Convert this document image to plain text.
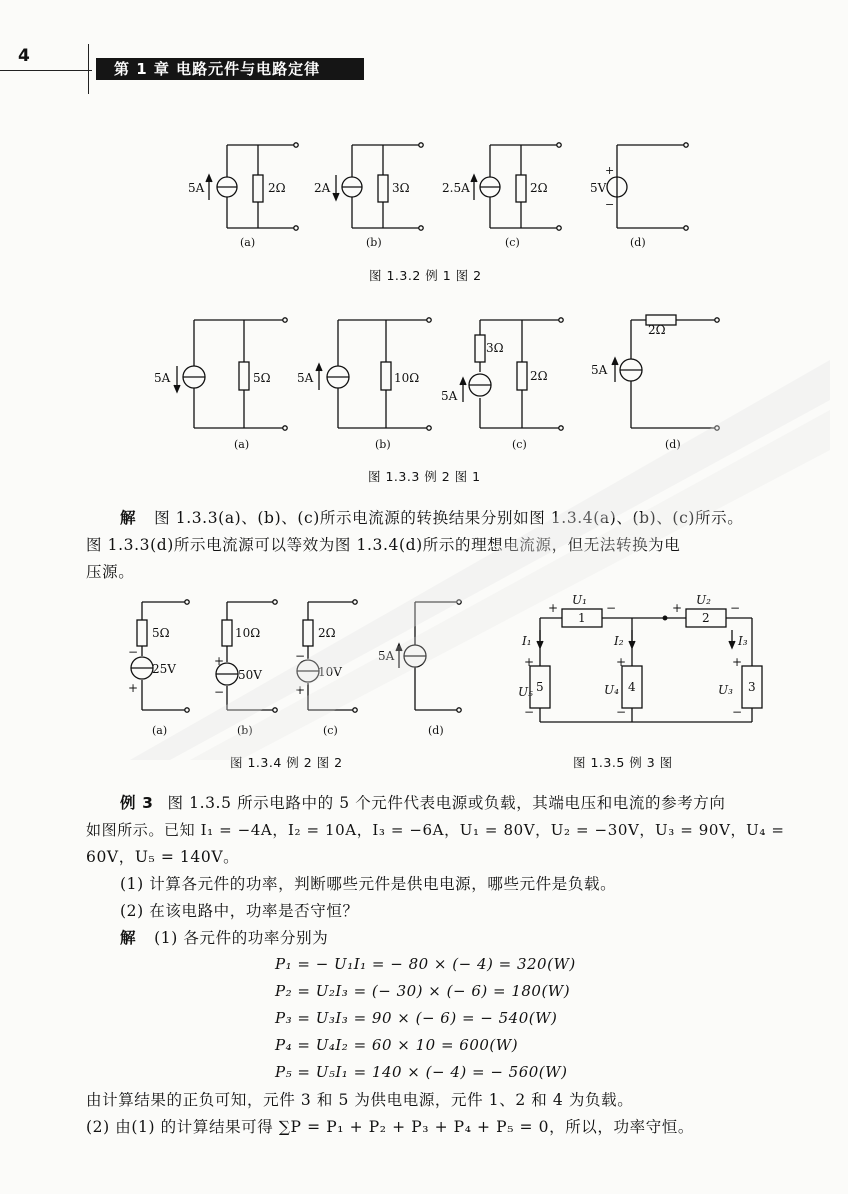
4
第 1 章 电路元件与电路定律
5A	2Ω
(a)
2A	3Ω
(b)
2.5A	2Ω
(c)
5V
+
−
(d)
图 1.3.2 例 1 图 2
5A	5Ω
(a)
5A	10Ω
(b)
3Ω
5A
2Ω
(c)
2Ω
5A
(d)
图 1.3.3 例 2 图 1
解 图 1.3.3(a)、(b)、(c)所示电流源的转换结果分别如图 1.3.4(a)、(b)、(c)所示。
图 1.3.3(d)所示电流源可以等效为图 1.3.4(d)所示的理想电流源，但无法转换为电
压源。
5Ω
25V
−
+
(a)
10Ω
50V
+
−
(b)
2Ω
10V
−
+
(c)
5A
(d)
图 1.3.4 例 2 图 2
1	2
5	4	3
U₁	U₂
U₅	U₄	U₃
I₁	I₂	I₃
+	−	+	−
+
−
+
−
+
−
图 1.3.5 例 3 图
例 3 图 1.3.5 所示电路中的 5 个元件代表电源或负载，其端电压和电流的参考方向
如图所示。已知 I₁ = −4A，I₂ = 10A，I₃ = −6A，U₁ = 80V，U₂ = −30V，U₃ = 90V，U₄ =
60V，U₅ = 140V。
(1) 计算各元件的功率，判断哪些元件是供电电源，哪些元件是负载。
(2) 在该电路中，功率是否守恒？
解 (1) 各元件的功率分别为
P₁ = − U₁I₁ = − 80 × (− 4) = 320(W)
P₂ = U₂I₃ = (− 30) × (− 6) = 180(W)
P₃ = U₃I₃ = 90 × (− 6) = − 540(W)
P₄ = U₄I₂ = 60 × 10 = 600(W)
P₅ = U₅I₁ = 140 × (− 4) = − 560(W)
由计算结果的正负可知，元件 3 和 5 为供电电源，元件 1、2 和 4 为负载。
(2) 由(1) 的计算结果可得 ∑P = P₁ + P₂ + P₃ + P₄ + P₅ = 0，所以，功率守恒。
